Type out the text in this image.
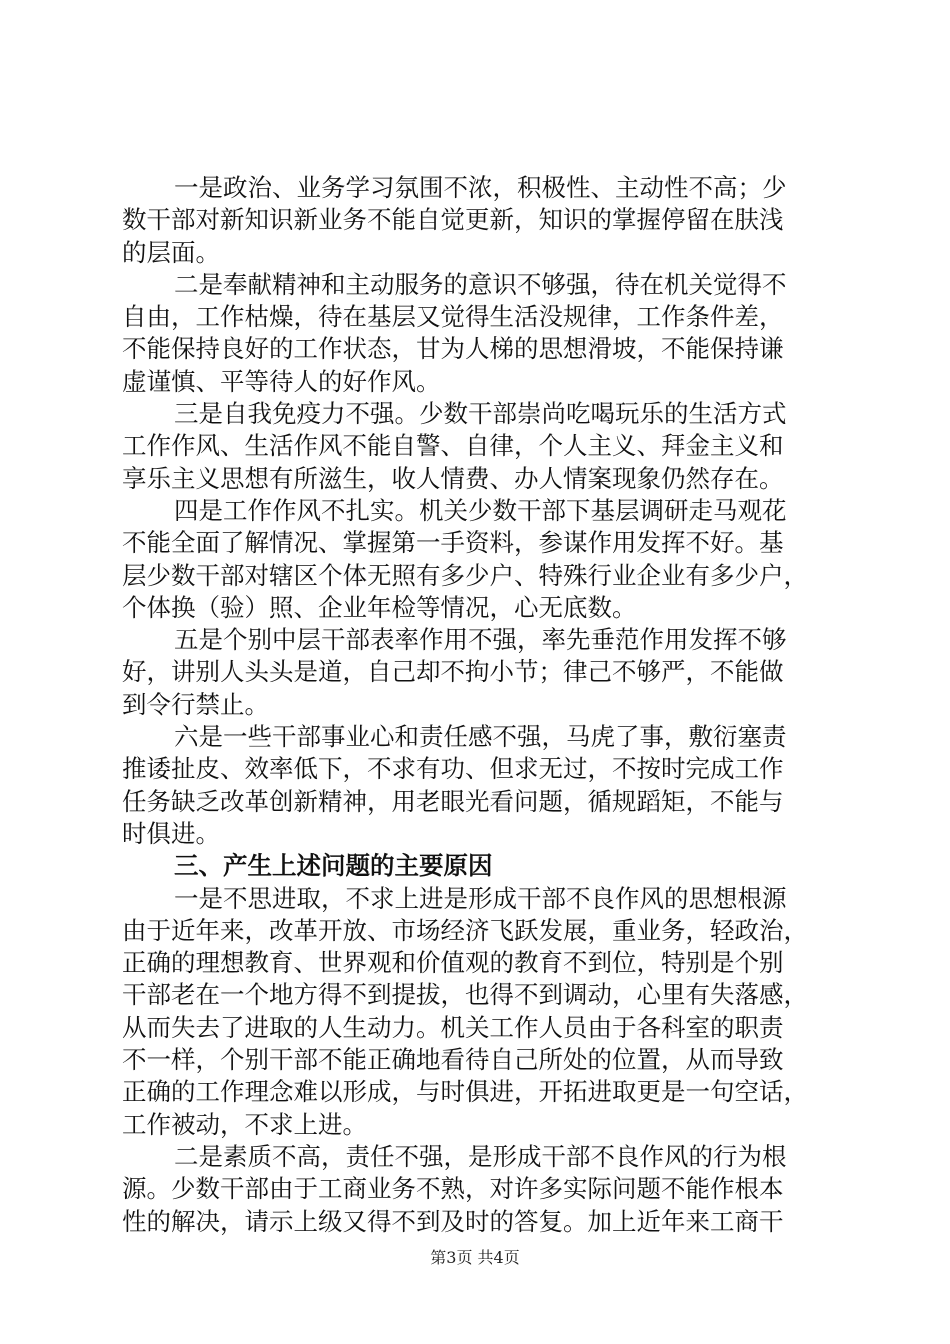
一是政治、业务学习氛围不浓，积极性、主动性不高；少
数干部对新知识新业务不能自觉更新，知识的掌握停留在肤浅
的层面。
二是奉献精神和主动服务的意识不够强，待在机关觉得不
自由，工作枯燥，待在基层又觉得生活没规律，工作条件差，
不能保持良好的工作状态，甘为人梯的思想滑坡，不能保持谦
虚谨慎、平等待人的好作风。
三是自我免疫力不强。少数干部崇尚吃喝玩乐的生活方式
工作作风、生活作风不能自警、自律，个人主义、拜金主义和
享乐主义思想有所滋生，收人情费、办人情案现象仍然存在。
四是工作作风不扎实。机关少数干部下基层调研走马观花
不能全面了解情况、掌握第一手资料，参谋作用发挥不好。基
层少数干部对辖区个体无照有多少户、特殊行业企业有多少户，
个体换（验）照、企业年检等情况，心无底数。
五是个别中层干部表率作用不强，率先垂范作用发挥不够
好，讲别人头头是道，自己却不拘小节；律己不够严，不能做
到令行禁止。
六是一些干部事业心和责任感不强，马虎了事，敷衍塞责
推诿扯皮、效率低下，不求有功、但求无过，不按时完成工作
任务缺乏改革创新精神，用老眼光看问题，循规蹈矩，不能与
时俱进。
三、产生上述问题的主要原因
一是不思进取，不求上进是形成干部不良作风的思想根源
由于近年来，改革开放、市场经济飞跃发展，重业务，轻政治，
正确的理想教育、世界观和价值观的教育不到位，特别是个别
干部老在一个地方得不到提拔，也得不到调动，心里有失落感，
从而失去了进取的人生动力。机关工作人员由于各科室的职责
不一样，个别干部不能正确地看待自己所处的位置，从而导致
正确的工作理念难以形成，与时俱进，开拓进取更是一句空话，
工作被动，不求上进。
二是素质不高，责任不强，是形成干部不良作风的行为根
源。少数干部由于工商业务不熟，对许多实际问题不能作根本
性的解决，请示上级又得不到及时的答复。加上近年来工商干
第3页 共4页
